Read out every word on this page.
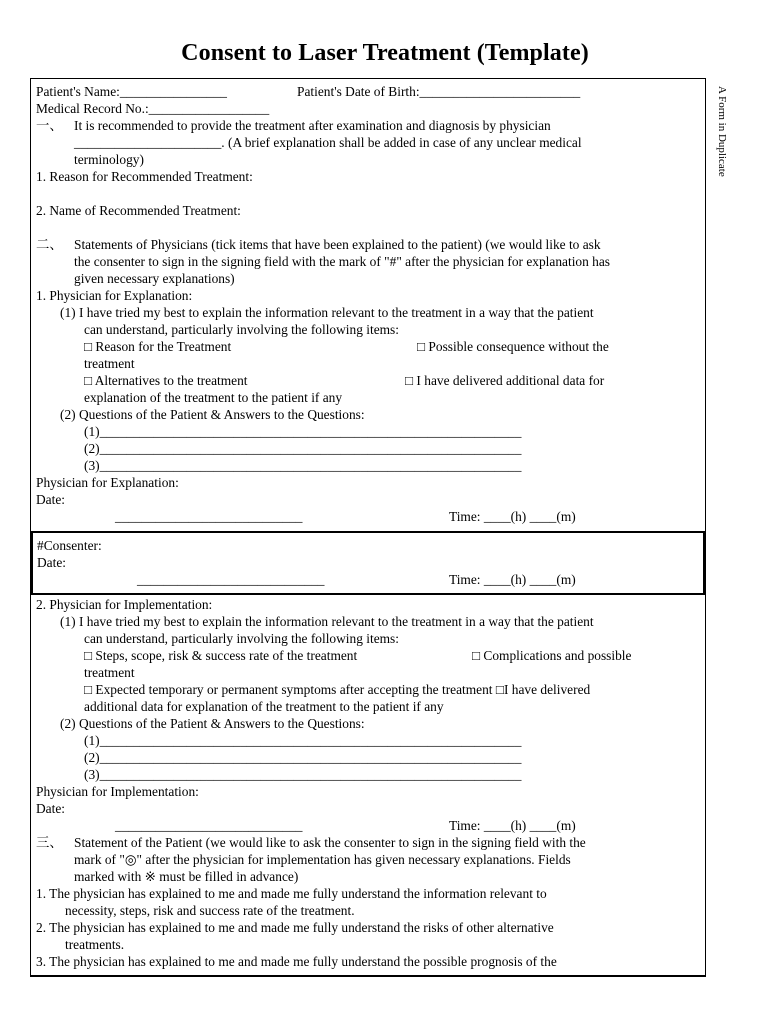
Consent to Laser Treatment (Template)
A Form in Duplicate
Patient's Name:________________	Patient's Date of Birth:________________________
Medical Record No.:__________________
一、 It is recommended to provide the treatment after examination and diagnosis by physician
______________________. (A brief explanation shall be added in case of any unclear medical
terminology)
1. Reason for Recommended Treatment:
2. Name of Recommended Treatment:
二、 Statements of Physicians (tick items that have been explained to the patient) (we would like to ask
the consenter to sign in the signing field with the mark of "#" after the physician for explanation has
given necessary explanations)
1. Physician for Explanation:
(1) I have tried my best to explain the information relevant to the treatment in a way that the patient
can understand, particularly involving the following items:
□ Reason for the Treatment	□ Possible consequence without the
treatment
□ Alternatives to the treatment	□ I have delivered additional data for
explanation of the treatment to the patient if any
(2) Questions of the Patient & Answers to the Questions:
(1)_______________________________________________________________
(2)_______________________________________________________________
(3)_______________________________________________________________
Physician for Explanation:
Date:
____________________________	Time: ____(h) ____(m)
#Consenter:
Date:
____________________________	Time: ____(h) ____(m)
2. Physician for Implementation:
(1) I have tried my best to explain the information relevant to the treatment in a way that the patient
can understand, particularly involving the following items:
□ Steps, scope, risk & success rate of the treatment	□ Complications and possible
treatment
□ Expected temporary or permanent symptoms after accepting the treatment □I have delivered
additional data for explanation of the treatment to the patient if any
(2) Questions of the Patient & Answers to the Questions:
(1)_______________________________________________________________
(2)_______________________________________________________________
(3)_______________________________________________________________
Physician for Implementation:
Date:
____________________________	Time: ____(h) ____(m)
三、 Statement of the Patient (we would like to ask the consenter to sign in the signing field with the
mark of "◎" after the physician for implementation has given necessary explanations. Fields
marked with ※ must be filled in advance)
1. The physician has explained to me and made me fully understand the information relevant to
necessity, steps, risk and success rate of the treatment.
2. The physician has explained to me and made me fully understand the risks of other alternative
treatments.
3. The physician has explained to me and made me fully understand the possible prognosis of the
